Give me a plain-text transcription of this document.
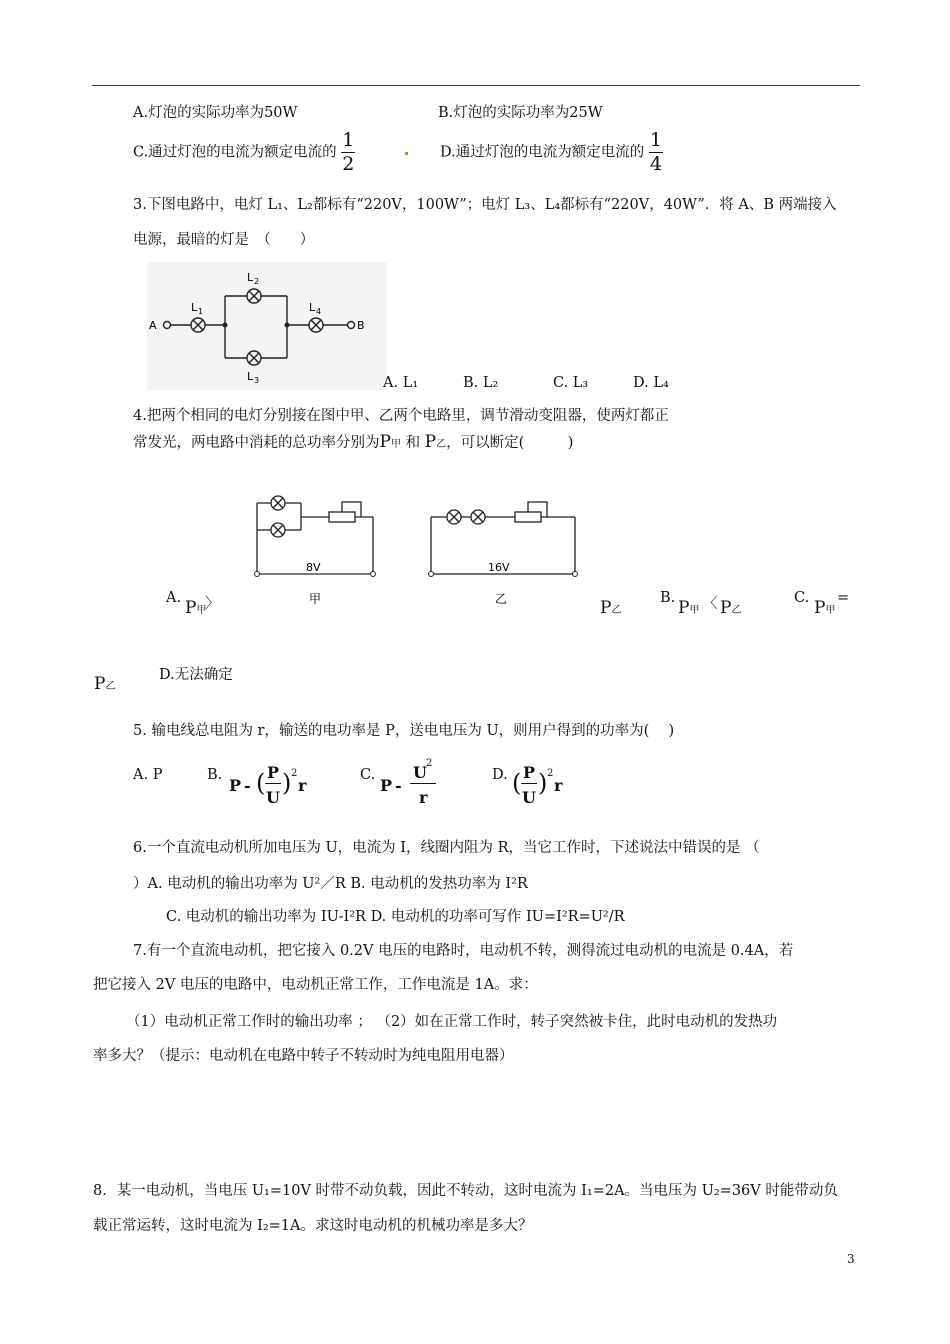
A.灯泡的实际功率为50W	B.灯泡的实际功率为25W
C.通过灯泡的电流为额定电流的 $\frac{1}{2}$	D.通过灯泡的电流为额定电流的 $\frac{1}{4}$
3.下图电路中，电灯 L₁、L₂都标有“220V，100W”；电灯 L₃、L₄都标有“220V，40W”．将 A、B 两端接入
电源，最暗的灯是　（　　）
A	B
L 1
L 2
L 3
L 4
A. L₁	B. L₂	C. L₃	D. L₄
4.把两个相同的电灯分别接在图中甲、乙两个电路里，调节滑动变阻器，使两灯都正
常发光，两电路中消耗的总功率分别为P甲 和 P乙，可以断定(　　　)
8V	16V
甲	乙
A. P甲
〉	P乙
B. P甲 〈 P乙
C. P甲
=
P乙
D.无法确定
5. 输电线总电阻为 r，输送的电功率是 P，送电电压为 U，则用户得到的功率为(　 )
A. P	B.
P - ( P
U
) 2
r
C.
P -
U 2
r
D. ( P
U
) 2
r
6.一个直流电动机所加电压为 U，电流为 I，线圈内阻为 R，当它工作时，下述说法中错误的是 （
）A. 电动机的输出功率为 U²／R B. 电动机的发热功率为 I²R
C. 电动机的输出功率为 IU-I²R D. 电动机的功率可写作 IU=I²R=U²/R
7.有一个直流电动机，把它接入 0.2V 电压的电路时，电动机不转，测得流过电动机的电流是 0.4A，若
把它接入 2V 电压的电路中，电动机正常工作，工作电流是 1A。求：
（1）电动机正常工作时的输出功率 ； （2）如在正常工作时，转子突然被卡住，此时电动机的发热功
率多大？（提示：电动机在电路中转子不转动时为纯电阻用电器）
8．某一电动机，当电压 U₁=10V 时带不动负载，因此不转动，这时电流为 I₁=2A。当电压为 U₂=36V 时能带动负
载正常运转，这时电流为 I₂=1A。求这时电动机的机械功率是多大？
3
